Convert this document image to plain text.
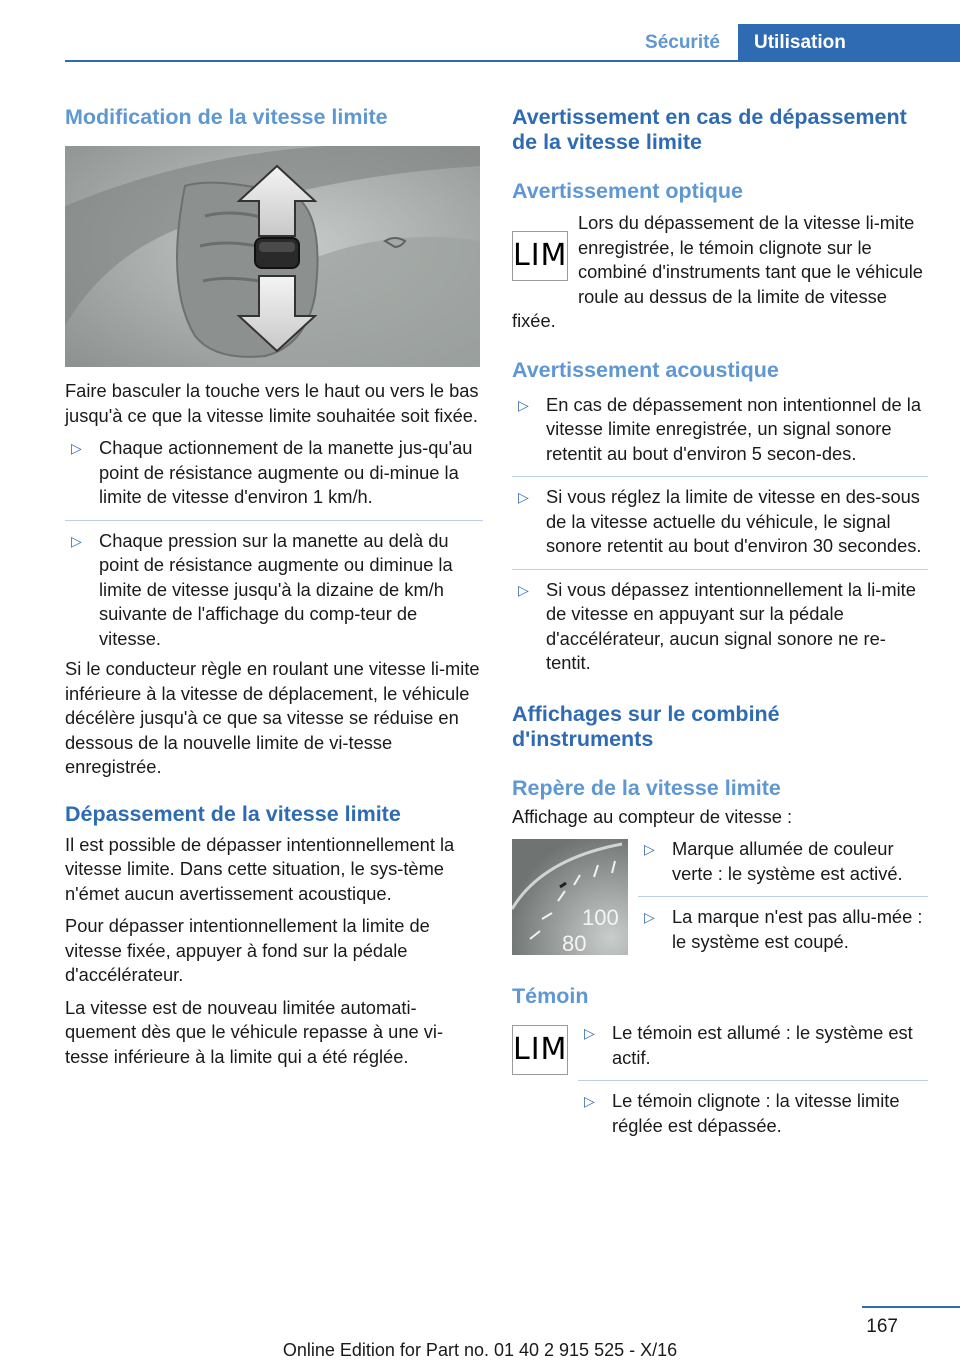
Sécurité	Utilisation
Modification de la vitesse limite

Faire basculer la touche vers le haut ou vers le bas jusqu'à ce que la vitesse limite souhaitée soit fixée.

▷ Chaque actionnement de la manette jus-qu'au point de résistance augmente ou di-minue la limite de vitesse d'environ 1 km/h.
▷ Chaque pression sur la manette au delà du point de résistance augmente ou diminue la limite de vitesse jusqu'à la dizaine de km/h suivante de l'affichage du comp-teur de vitesse.

Si le conducteur règle en roulant une vitesse li-mite inférieure à la vitesse de déplacement, le véhicule décélère jusqu'à ce que sa vitesse se réduise en dessous de la nouvelle limite de vi-tesse enregistrée.

Dépassement de la vitesse limite

Il est possible de dépasser intentionnellement la vitesse limite. Dans cette situation, le sys-tème n'émet aucun avertissement acoustique.

Pour dépasser intentionnellement la limite de vitesse fixée, appuyer à fond sur la pédale d'accélérateur.

La vitesse est de nouveau limitée automati-quement dès que le véhicule repasse à une vi-tesse inférieure à la limite qui a été réglée.

Avertissement en cas de dépassement de la vitesse limite
Avertissement optique
LIM

Lors du dépassement de la vitesse li-mite enregistrée, le témoin clignote sur le combiné d'instruments tant que le véhicule roule au dessus de la limite de vitesse fixée.

Avertissement acoustique
▷ En cas de dépassement non intentionnel de la vitesse limite enregistrée, un signal sonore retentit au bout d'environ 5 secon-des.
▷ Si vous réglez la limite de vitesse en des-sous de la vitesse actuelle du véhicule, le signal sonore retentit au bout d'environ 30 secondes.
▷ Si vous dépassez intentionnellement la li-mite de vitesse en appuyant sur la pédale d'accélérateur, aucun signal sonore ne re-tentit.
Affichages sur le combiné d'instruments
Repère de la vitesse limite

Affichage au compteur de vitesse :

100
80
▷ Marque allumée de couleur verte : le système est activé.
▷ La marque n'est pas allu-mée : le système est coupé.
Témoin
LIM ▷ Le témoin est allumé : le système est actif.
▷ Le témoin clignote : la vitesse limite réglée est dépassée.
167
Online Edition for Part no. 01 40 2 915 525 - X/16
